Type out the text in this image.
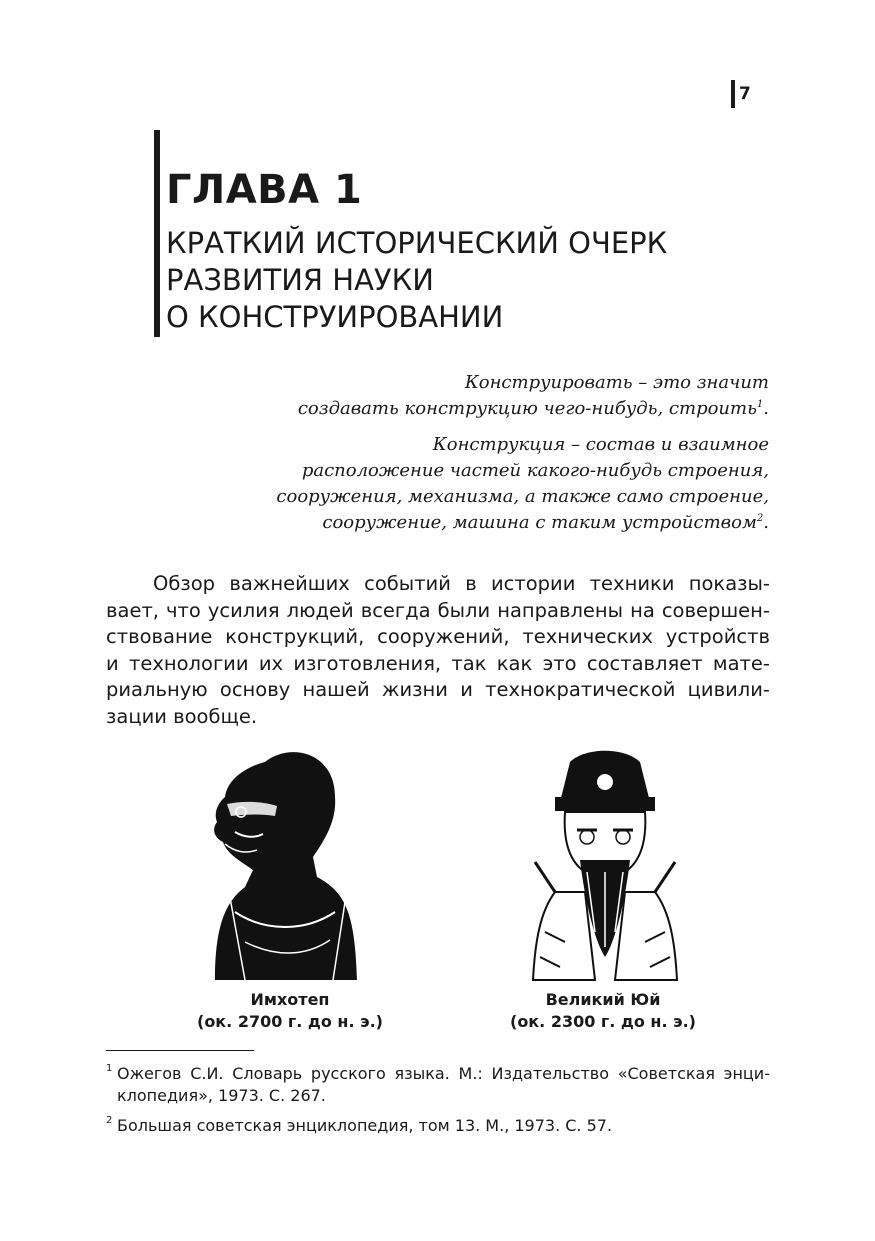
7
ГЛАВА 1
КРАТКИЙ ИСТОРИЧЕСКИЙ ОЧЕРК
РАЗВИТИЯ НАУКИ
О КОНСТРУИРОВАНИИ
Конструировать – это значит
создавать конструкцию чего-нибудь, строить$^1$.
Конструкция – состав и взаимное
расположение частей какого-нибудь строения,
сооружения, механизма, а также само строение,
сооружение, машина с таким устройством$^2$.
Обзор важнейших событий в истории техники показы-
вает, что усилия людей всегда были направлены на совершен-
ствование конструкций, сооружений, технических устройств
и технологии их изготовления, так как это составляет мате-
риальную основу нашей жизни и технократической цивили-
зации вообще.
Имхотеп
(ок. 2700 г. до н. э.)
Великий Юй
(ок. 2300 г. до н. э.)
1 Ожегов С.И. Словарь русского языка. М.: Издательство «Советская энци-
клопедия», 1973. С. 267.
2 Большая советская энциклопедия, том 13. М., 1973. С. 57.
